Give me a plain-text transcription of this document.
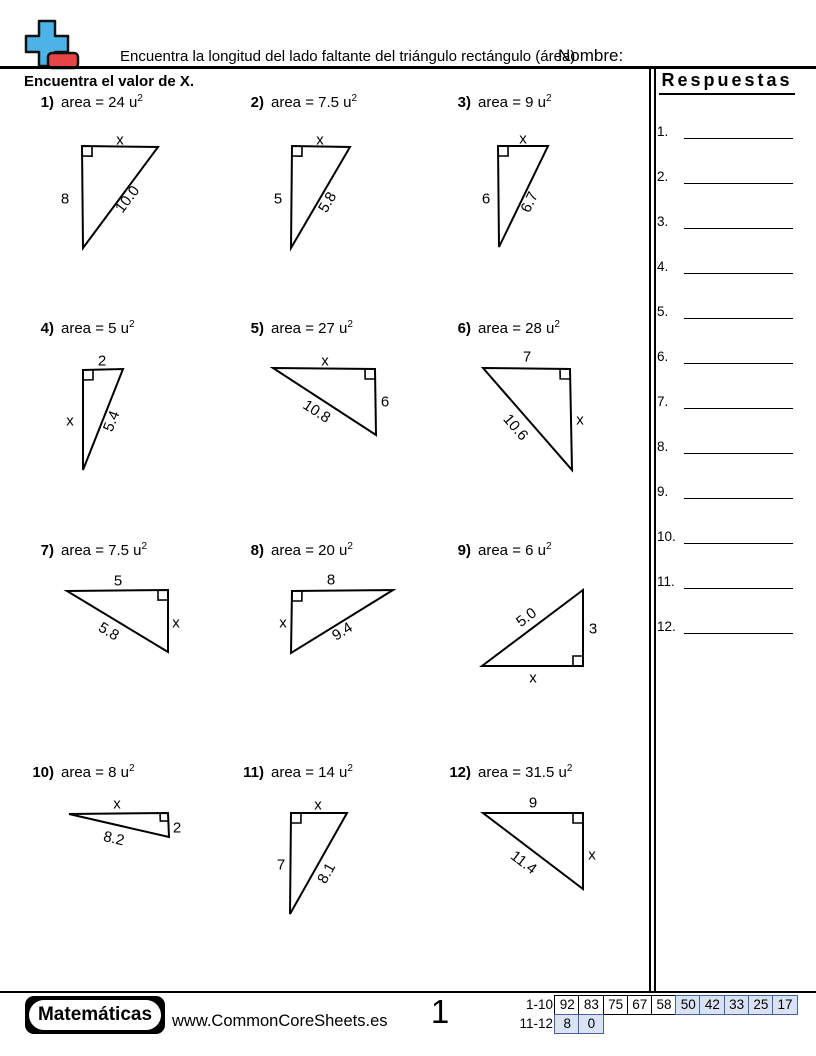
Encuentra la longitud del lado faltante del triángulo rectángulo (área)
Nombre:
Encuentra el valor de X.	Respuestas
1.
2.
3.
4.
5.
6.
7.
8.
9.
10.
11.
12.
1) area = 24 $u^2$	2) area = 7.5 $u^2$	3) area = 9 $u^2$
4) area = 5 $u^2$	5) area = 27 $u^2$	6) area = 28 $u^2$
7) area = 7.5 $u^2$	8) area = 20 $u^2$	9) area = 6 $u^2$
10) area = 8 $u^2$	11) area = 14 $u^2$	12) area = 31.5 $u^2$
x
8	10.0
x
5 5.8
x
6 6.7
2
x 5.4
x
6
10.8
7
x
10.6
5
x
5.8
8
x	9.4
5.0	3
x
x
2
8.2
x
7 8.1
9
x
11.4
Matemáticas	www.CommonCoreSheets.es	1	1-10 92 83 75 67 58 50 42 33 25 17
11-12 8	0
